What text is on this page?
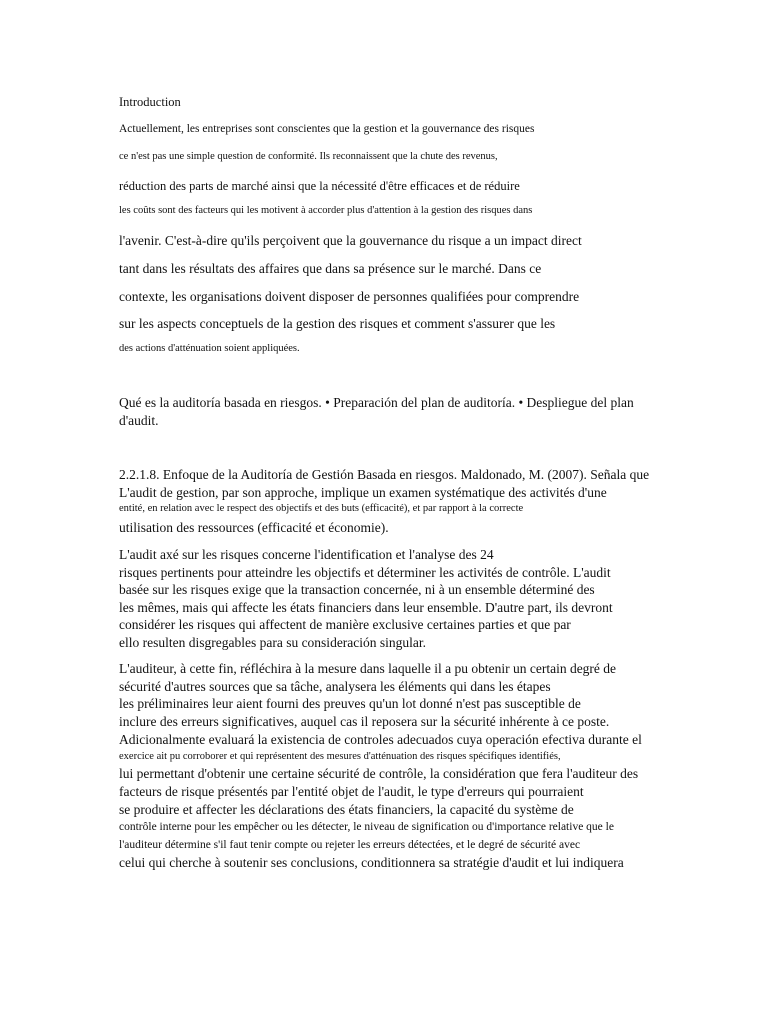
Introduction
Actuellement, les entreprises sont conscientes que la gestion et la gouvernance des risques
ce n'est pas une simple question de conformité. Ils reconnaissent que la chute des revenus,
réduction des parts de marché ainsi que la nécessité d'être efficaces et de réduire
les coûts sont des facteurs qui les motivent à accorder plus d'attention à la gestion des risques dans
l'avenir. C'est-à-dire qu'ils perçoivent que la gouvernance du risque a un impact direct
tant dans les résultats des affaires que dans sa présence sur le marché. Dans ce
contexte, les organisations doivent disposer de personnes qualifiées pour comprendre
sur les aspects conceptuels de la gestion des risques et comment s'assurer que les
des actions d'atténuation soient appliquées.
Qué es la auditoría basada en riesgos. • Preparación del plan de auditoría. • Despliegue del plan
d'audit.
2.2.1.8. Enfoque de la Auditoría de Gestión Basada en riesgos. Maldonado, M. (2007). Señala que
L'audit de gestion, par son approche, implique un examen systématique des activités d'une
entité, en relation avec le respect des objectifs et des buts (efficacité), et par rapport à la correcte
utilisation des ressources (efficacité et économie).
L'audit axé sur les risques concerne l'identification et l'analyse des 24
risques pertinents pour atteindre les objectifs et déterminer les activités de contrôle. L'audit
basée sur les risques exige que la transaction concernée, ni à un ensemble déterminé des
les mêmes, mais qui affecte les états financiers dans leur ensemble. D'autre part, ils devront
considérer les risques qui affectent de manière exclusive certaines parties et que par
ello resulten disgregables para su consideración singular.
L'auditeur, à cette fin, réfléchira à la mesure dans laquelle il a pu obtenir un certain degré de
sécurité d'autres sources que sa tâche, analysera les éléments qui dans les étapes
les préliminaires leur aient fourni des preuves qu'un lot donné n'est pas susceptible de
inclure des erreurs significatives, auquel cas il reposera sur la sécurité inhérente à ce poste.
Adicionalmente evaluará la existencia de controles adecuados cuya operación efectiva durante el
exercice ait pu corroborer et qui représentent des mesures d'atténuation des risques spécifiques identifiés,
lui permettant d'obtenir une certaine sécurité de contrôle, la considération que fera l'auditeur des
facteurs de risque présentés par l'entité objet de l'audit, le type d'erreurs qui pourraient
se produire et affecter les déclarations des états financiers, la capacité du système de
contrôle interne pour les empêcher ou les détecter, le niveau de signification ou d'importance relative que le
l'auditeur détermine s'il faut tenir compte ou rejeter les erreurs détectées, et le degré de sécurité avec
celui qui cherche à soutenir ses conclusions, conditionnera sa stratégie d'audit et lui indiquera
